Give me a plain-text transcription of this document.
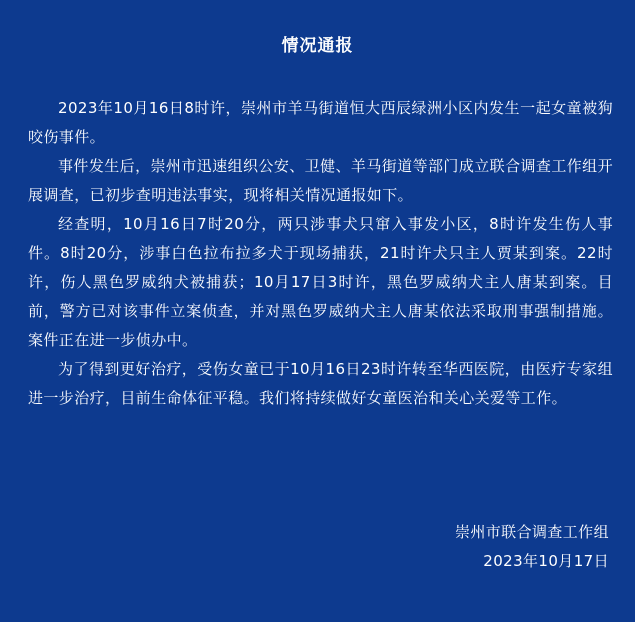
情况通报

2023年10月16日8时许，崇州市羊马街道恒大西辰绿洲小区内发生一起女童被狗咬伤事件。

事件发生后，崇州市迅速组织公安、卫健、羊马街道等部门成立联合调查工作组开展调查，已初步查明违法事实，现将相关情况通报如下。

经查明，10月16日7时20分，两只涉事犬只窜入事发小区，8时许发生伤人事件。8时20分，涉事白色拉布拉多犬于现场捕获，21时许犬只主人贾某到案。22时许，伤人黑色罗威纳犬被捕获；10月17日3时许，黑色罗威纳犬主人唐某到案。目前，警方已对该事件立案侦查，并对黑色罗威纳犬主人唐某依法采取刑事强制措施。案件正在进一步侦办中。

为了得到更好治疗，受伤女童已于10月16日23时许转至华西医院，由医疗专家组进一步治疗，目前生命体征平稳。我们将持续做好女童医治和关心关爱等工作。

崇州市联合调查工作组
2023年10月17日
